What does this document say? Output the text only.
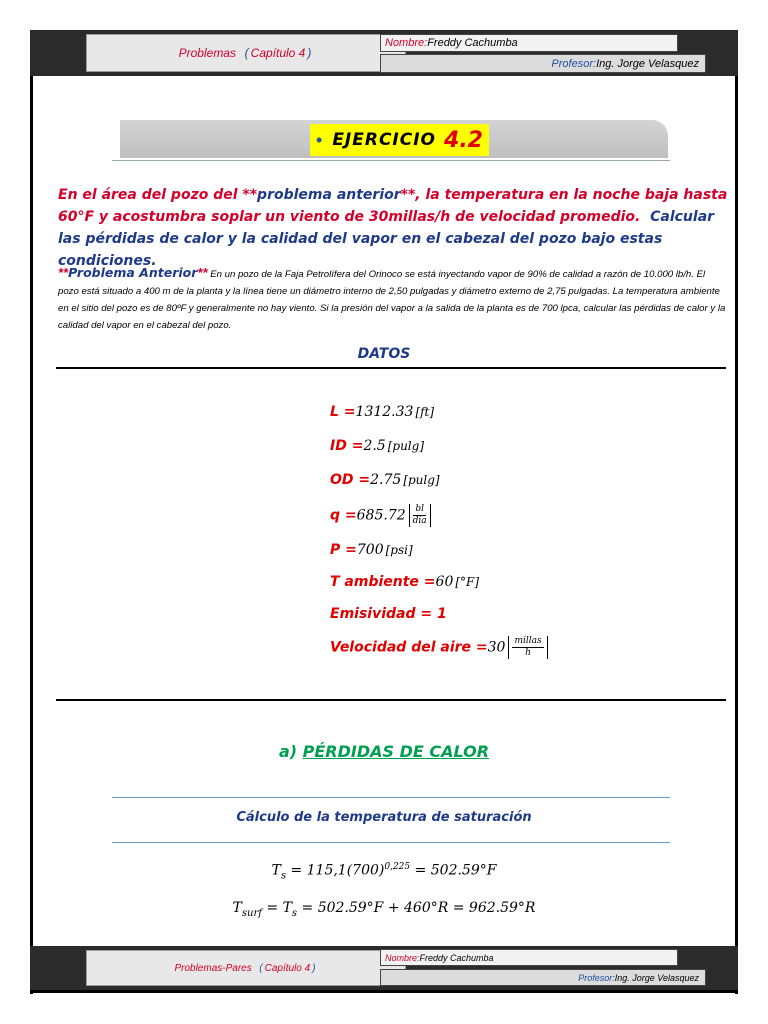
Problemas ( Capítulo 4 )
Nombre: Freddy Cachumba
Profesor: Ing. Jorge Velasquez
• EJERCICIO 4.2
En el área del pozo del **problema anterior**, la temperatura en la noche baja hasta 60°F y acostumbra soplar un viento de 30millas/h de velocidad promedio. Calcular las pérdidas de calor y la calidad del vapor en el cabezal del pozo bajo estas condiciones.
**Problema Anterior** En un pozo de la Faja Petrolífera del Orinoco se está inyectando vapor de 90% de calidad a razón de 10.000 lb/h. El pozo está situado a 400 m de la planta y la línea tiene un diámetro interno de 2,50 pulgadas y diámetro externo de 2,75 pulgadas. La temperatura ambiente en el sitio del pozo es de 80ºF y generalmente no hay viento. Si la presión del vapor a la salida de la planta es de 700 lpca, calcular las pérdidas de calor y la calidad del vapor en el cabezal del pozo.
DATOS
L =1312.33 [ft]
ID =2.5 [pulg]
OD =2.75 [pulg]
$q =685.72 \frac{bl}{\text{dia}}$
P =700 [psi]
T ambiente =60 [°F]
Emisividad = 1
Velocidad del aire $=30 \frac{\text{millas}}{h}$
a) PÉRDIDAS DE CALOR
Cálculo de la temperatura de saturación
$T_s = 115,1(700)^{0,225} = 502.59^\circ F$
$T_{surf} = T_s = 502.59^\circ F + 460^\circ R = 962.59^\circ R$
Problemas-Pares ( Capítulo 4 )
Nombre: Freddy Cachumba
Profesor: Ing. Jorge Velasquez
